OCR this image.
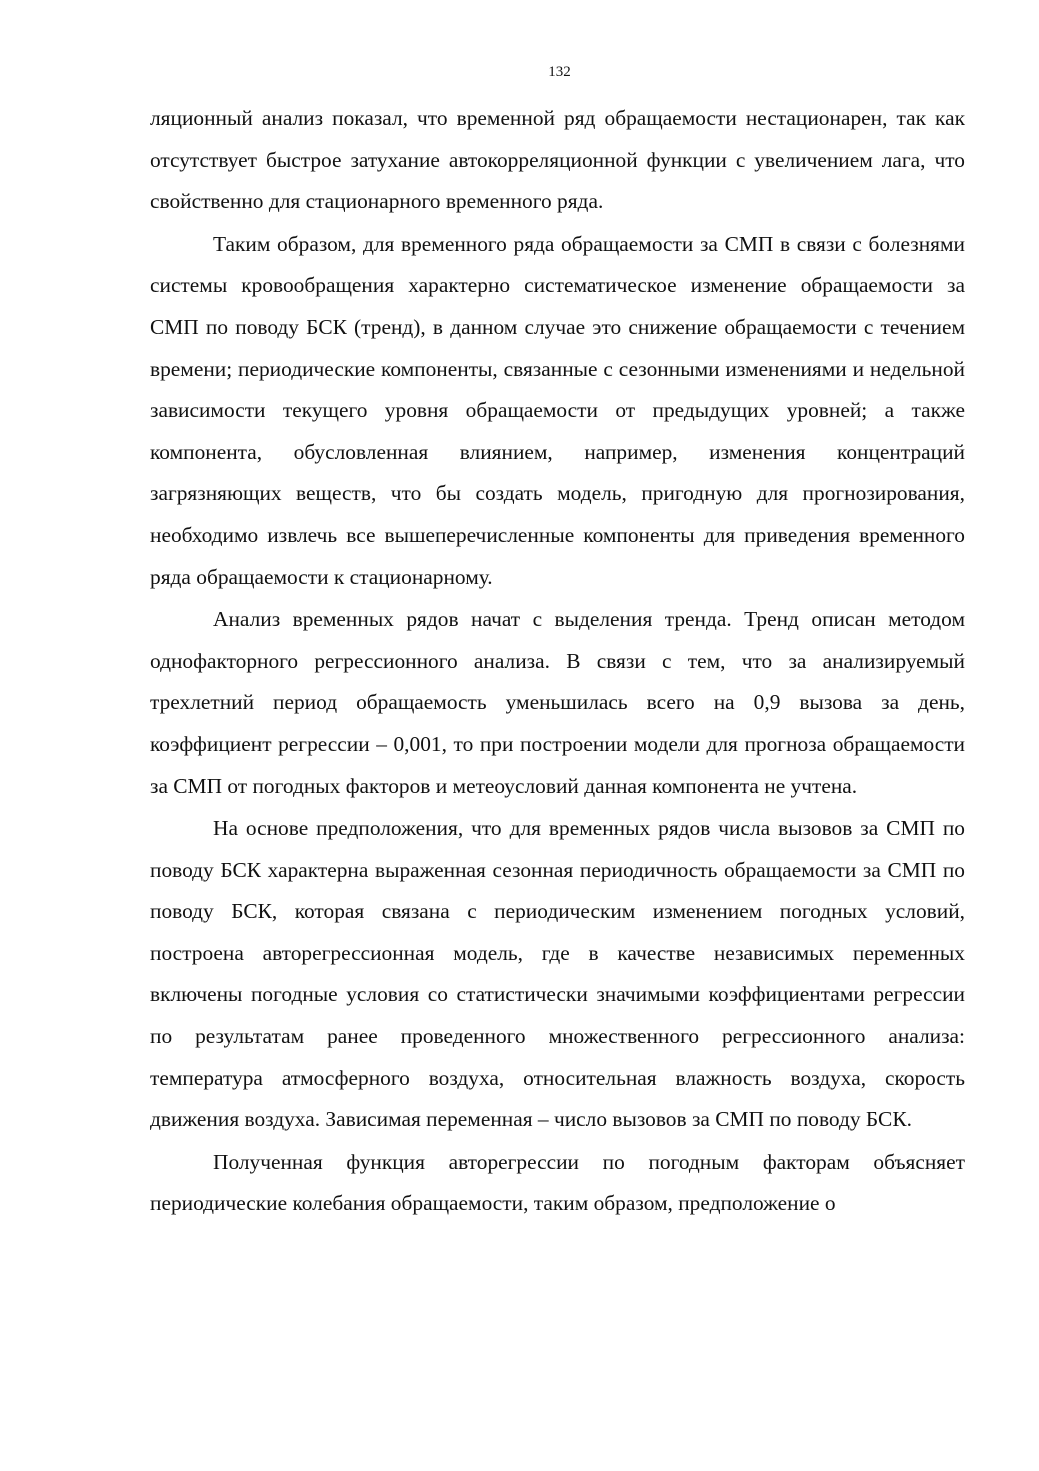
132

ляционный анализ показал, что временной ряд обращаемости нестационарен, так как отсутствует быстрое затухание автокорреляционной функции с увеличением лага, что свойственно для стационарного временного ряда.

Таким образом, для временного ряда обращаемости за СМП в связи с болезнями системы кровообращения характерно систематическое изменение обращаемости за СМП по поводу БСК (тренд), в данном случае это снижение обращаемости с течением времени; периодические компоненты, связанные с сезонными изменениями и недельной зависимости текущего уровня обращаемости от предыдущих уровней; а также компонента, обусловленная влиянием, например, изменения концентраций загрязняющих веществ, что бы создать модель, пригодную для прогнозирования, необходимо извлечь все вышеперечисленные компоненты для приведения временного ряда обращаемости к стационарному.

Анализ временных рядов начат с выделения тренда. Тренд описан методом однофакторного регрессионного анализа. В связи с тем, что за анализируемый трехлетний период обращаемость уменьшилась всего на 0,9 вызова за день, коэффициент регрессии – 0,001, то при построении модели для прогноза обращаемости за СМП от погодных факторов и метеоусловий данная компонента не учтена.

На основе предположения, что для временных рядов числа вызовов за СМП по поводу БСК характерна выраженная сезонная периодичность обращаемости за СМП по поводу БСК, которая связана с периодическим изменением погодных условий, построена авторегрессионная модель, где в качестве независимых переменных включены погодные условия со статистически значимыми коэффициентами регрессии по результатам ранее проведенного множественного регрессионного анализа: температура атмосферного воздуха, относительная влажность воздуха, скорость движения воздуха. Зависимая переменная – число вызовов за СМП по поводу БСК.

Полученная функция авторегрессии по погодным факторам объясняет периодические колебания обращаемости, таким образом, предположение о
